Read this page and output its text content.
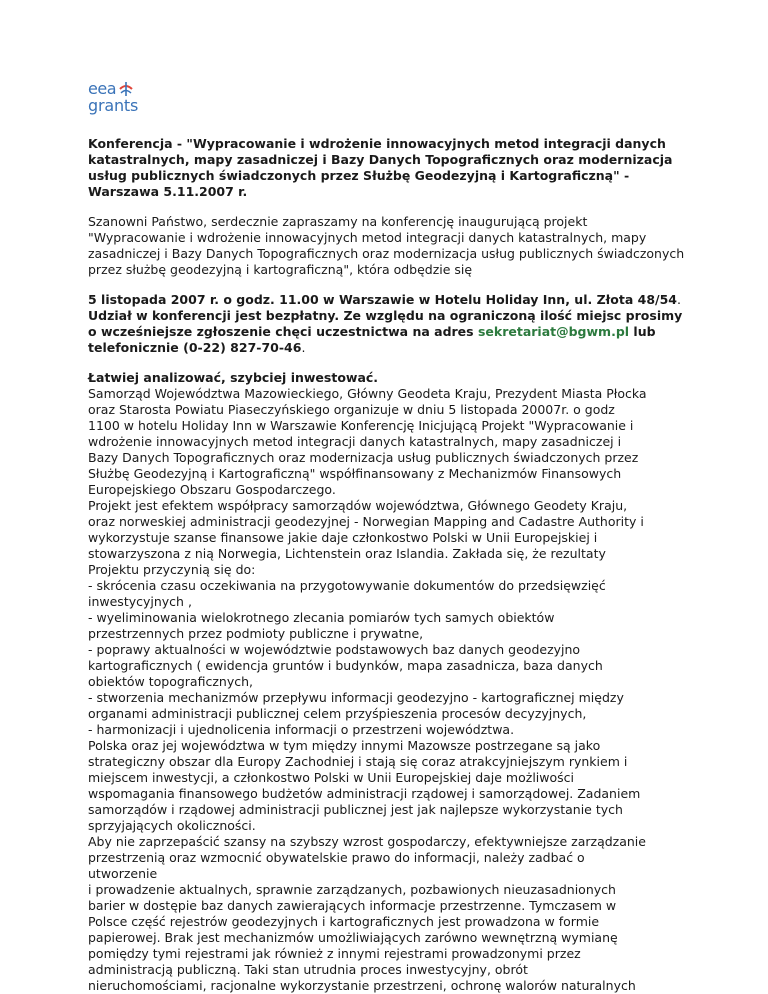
eea
grants
Konferencja - "Wypracowanie i wdrożenie innowacyjnych metod integracji danych katastralnych, mapy zasadniczej i Bazy Danych Topograficznych oraz modernizacja usług publicznych świadczonych przez Służbę Geodezyjną i Kartograficzną" - Warszawa 5.11.2007 r.
Szanowni Państwo, serdecznie zapraszamy na konferencję inaugurującą projekt "Wypracowanie i wdrożenie innowacyjnych metod integracji danych katastralnych, mapy zasadniczej i Bazy Danych Topograficznych oraz modernizacja usług publicznych świadczonych przez służbę geodezyjną i kartograficzną", która odbędzie się
5 listopada 2007 r. o godz. 11.00 w Warszawie w Hotelu Holiday Inn, ul. Złota 48/54. Udział w konferencji jest bezpłatny. Ze względu na ograniczoną ilość miejsc prosimy o wcześniejsze zgłoszenie chęci uczestnictwa na adres sekretariat@bgwm.pl lub telefonicznie (0-22) 827-70-46.
Łatwiej analizować, szybciej inwestować.
Samorząd Województwa Mazowieckiego, Główny Geodeta Kraju, Prezydent Miasta Płocka
oraz Starosta Powiatu Piaseczyńskiego organizuje w dniu 5 listopada 20007r. o godz
1100 w hotelu Holiday Inn w Warszawie Konferencję Inicjującą Projekt "Wypracowanie i
wdrożenie innowacyjnych metod integracji danych katastralnych, mapy zasadniczej i
Bazy Danych Topograficznych oraz modernizacja usług publicznych świadczonych przez
Służbę Geodezyjną i Kartograficzną" współfinansowany z Mechanizmów Finansowych
Europejskiego Obszaru Gospodarczego.
Projekt jest efektem współpracy samorządów województwa, Głównego Geodety Kraju,
oraz norweskiej administracji geodezyjnej - Norwegian Mapping and Cadastre Authority i
wykorzystuje szanse finansowe jakie daje członkostwo Polski w Unii Europejskiej i
stowarzyszona z nią Norwegia, Lichtenstein oraz Islandia. Zakłada się, że rezultaty
Projektu przyczynią się do:
- skrócenia czasu oczekiwania na przygotowywanie dokumentów do przedsięwzięć
inwestycyjnych ,
- wyeliminowania wielokrotnego zlecania pomiarów tych samych obiektów
przestrzennych przez podmioty publiczne i prywatne,
- poprawy aktualności w województwie podstawowych baz danych geodezyjno
kartograficznych ( ewidencja gruntów i budynków, mapa zasadnicza, baza danych
obiektów topograficznych,
- stworzenia mechanizmów przepływu informacji geodezyjno - kartograficznej między
organami administracji publicznej celem przyśpieszenia procesów decyzyjnych,
- harmonizacji i ujednolicenia informacji o przestrzeni województwa.
Polska oraz jej województwa w tym między innymi Mazowsze postrzegane są jako
strategiczny obszar dla Europy Zachodniej i stają się coraz atrakcyjniejszym rynkiem i
miejscem inwestycji, a członkostwo Polski w Unii Europejskiej daje możliwości
wspomagania finansowego budżetów administracji rządowej i samorządowej. Zadaniem
samorządów i rządowej administracji publicznej jest jak najlepsze wykorzystanie tych
sprzyjających okoliczności.
Aby nie zaprzepaścić szansy na szybszy wzrost gospodarczy, efektywniejsze zarządzanie
przestrzenią oraz wzmocnić obywatelskie prawo do informacji, należy zadbać o
utworzenie
i prowadzenie aktualnych, sprawnie zarządzanych, pozbawionych nieuzasadnionych
barier w dostępie baz danych zawierających informacje przestrzenne. Tymczasem w
Polsce część rejestrów geodezyjnych i kartograficznych jest prowadzona w formie
papierowej. Brak jest mechanizmów umożliwiających zarówno wewnętrzną wymianę
pomiędzy tymi rejestrami jak również z innymi rejestrami prowadzonymi przez
administracją publiczną. Taki stan utrudnia proces inwestycyjny, obrót
nieruchomościami, racjonalne wykorzystanie przestrzeni, ochronę walorów naturalnych
